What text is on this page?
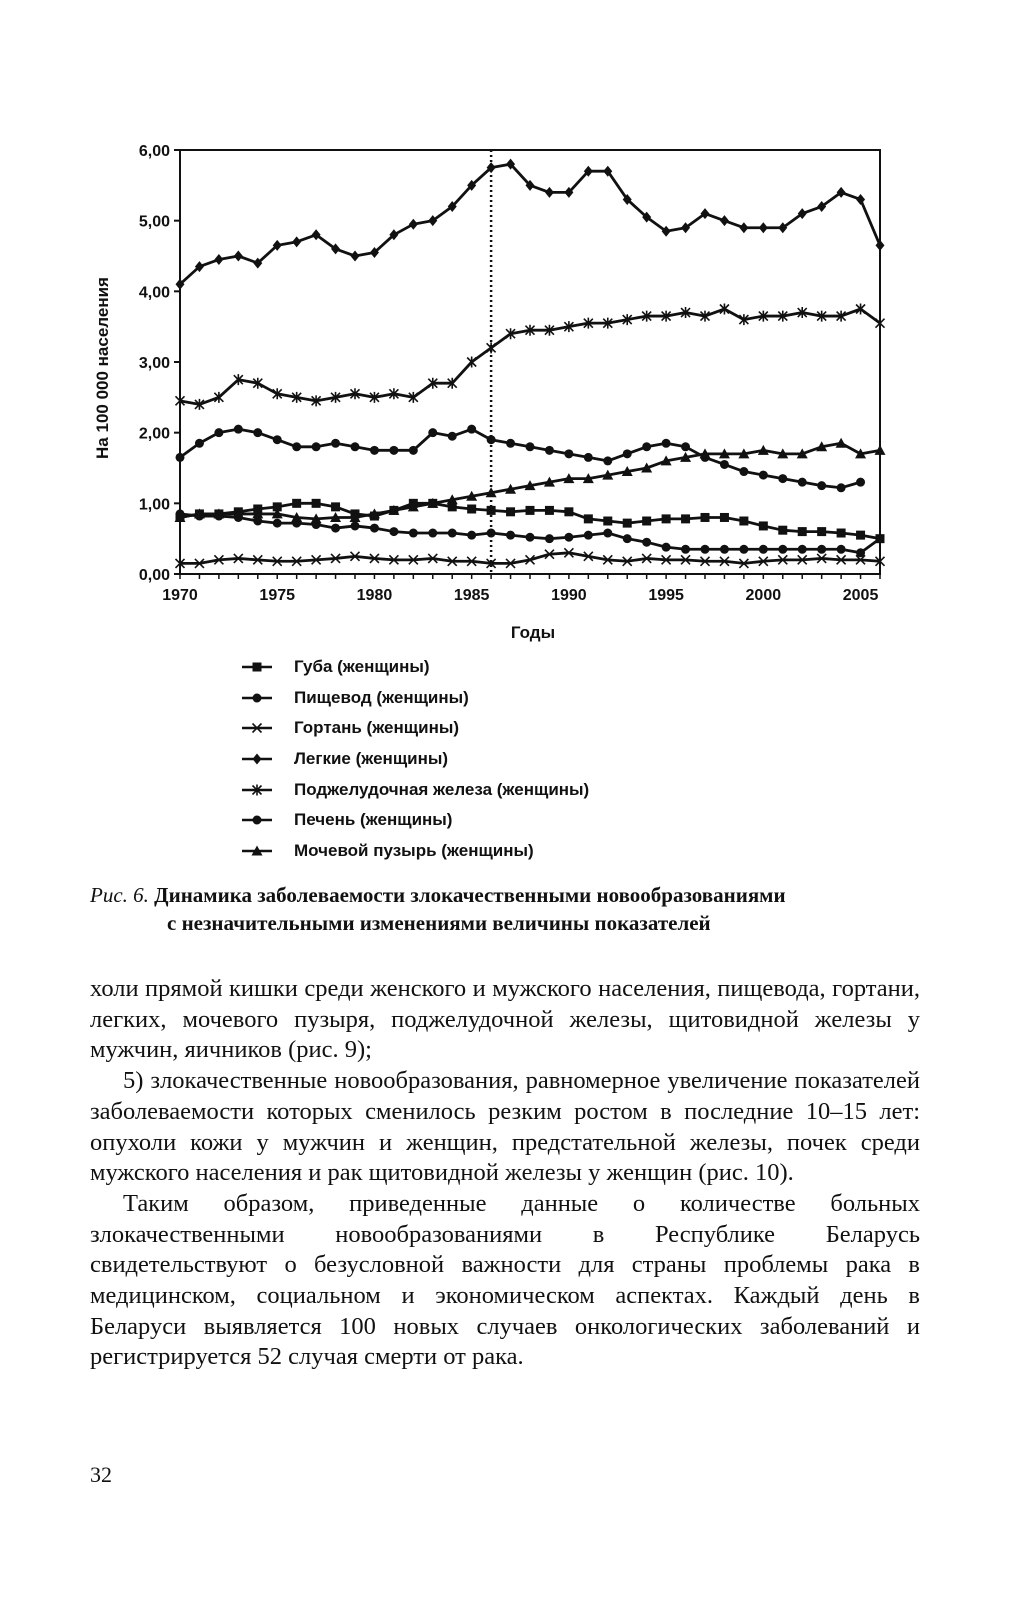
0,00
1,00
2,00
3,00
4,00
5,00
6,00
1970	1975	1980	1985	1990	1995	2000	2005
Годы
На 100 000 населения
Губа (женщины)
Пищевод (женщины)
Гортань (женщины)
Легкие (женщины)
Поджелудочная железа (женщины)
Печень (женщины)
Мочевой пузырь (женщины)
Рис. 6. Динамика заболеваемости злокачественными новообразованиями
с незначительными изменениями величины показателей

холи прямой кишки среди женского и мужского населения, пищевода, гортани, легких, мочевого пузыря, поджелудочной железы, щитовидной железы у мужчин, яичников (рис. 9);

5) злокачественные новообразования, равномерное увеличение показателей заболеваемости которых сменилось резким ростом в последние 10–15 лет: опухоли кожи у мужчин и женщин, предстательной железы, почек среди мужского населения и рак щитовидной железы у женщин (рис. 10).

Таким образом, приведенные данные о количестве больных злокачественными новообразованиями в Республике Беларусь свидетельствуют о безусловной важности для страны проблемы рака в медицинском, социальном и экономическом аспектах. Каждый день в Беларуси выявляется 100 новых случаев онкологических заболеваний и регистрируется 52 случая смерти от рака.

32
